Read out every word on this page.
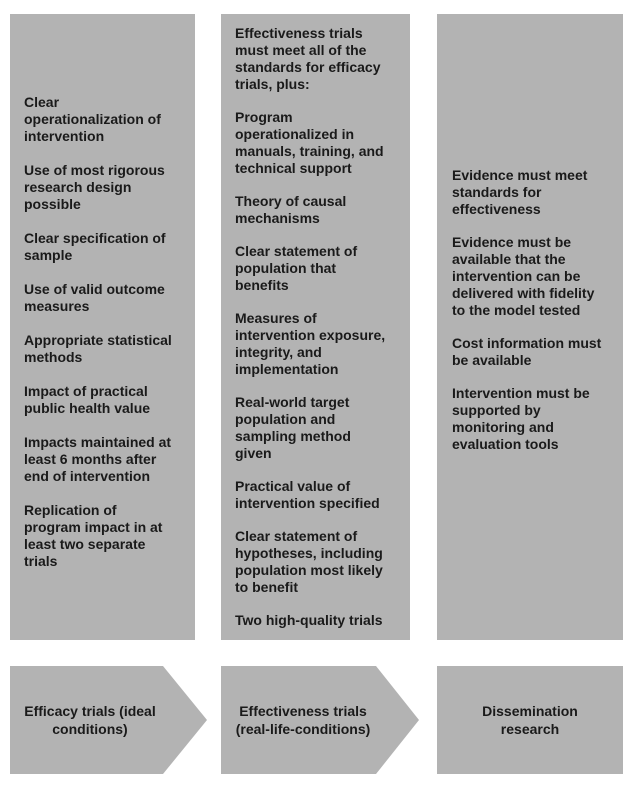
Clear
operationalization of
intervention
Use of most rigorous
research design
possible
Clear specification of
sample
Use of valid outcome
measures
Appropriate statistical
methods
Impact of practical
public health value
Impacts maintained at
least 6 months after
end of intervention
Replication of
program impact in at
least two separate
trials
Effectiveness trials
must meet all of the
standards for efficacy
trials, plus:
Program
operationalized in
manuals, training, and
technical support
Theory of causal
mechanisms
Clear statement of
population that
benefits
Measures of
intervention exposure,
integrity, and
implementation
Real-world target
population and
sampling method
given
Practical value of
intervention specified
Clear statement of
hypotheses, including
population most likely
to benefit
Two high-quality trials
Evidence must meet
standards for
effectiveness
Evidence must be
available that the
intervention can be
delivered with fidelity
to the model tested
Cost information must
be available
Intervention must be
supported by
monitoring and
evaluation tools
Efficacy trials (ideal
conditions)
Effectiveness trials
(real-life-conditions)
Dissemination
research
